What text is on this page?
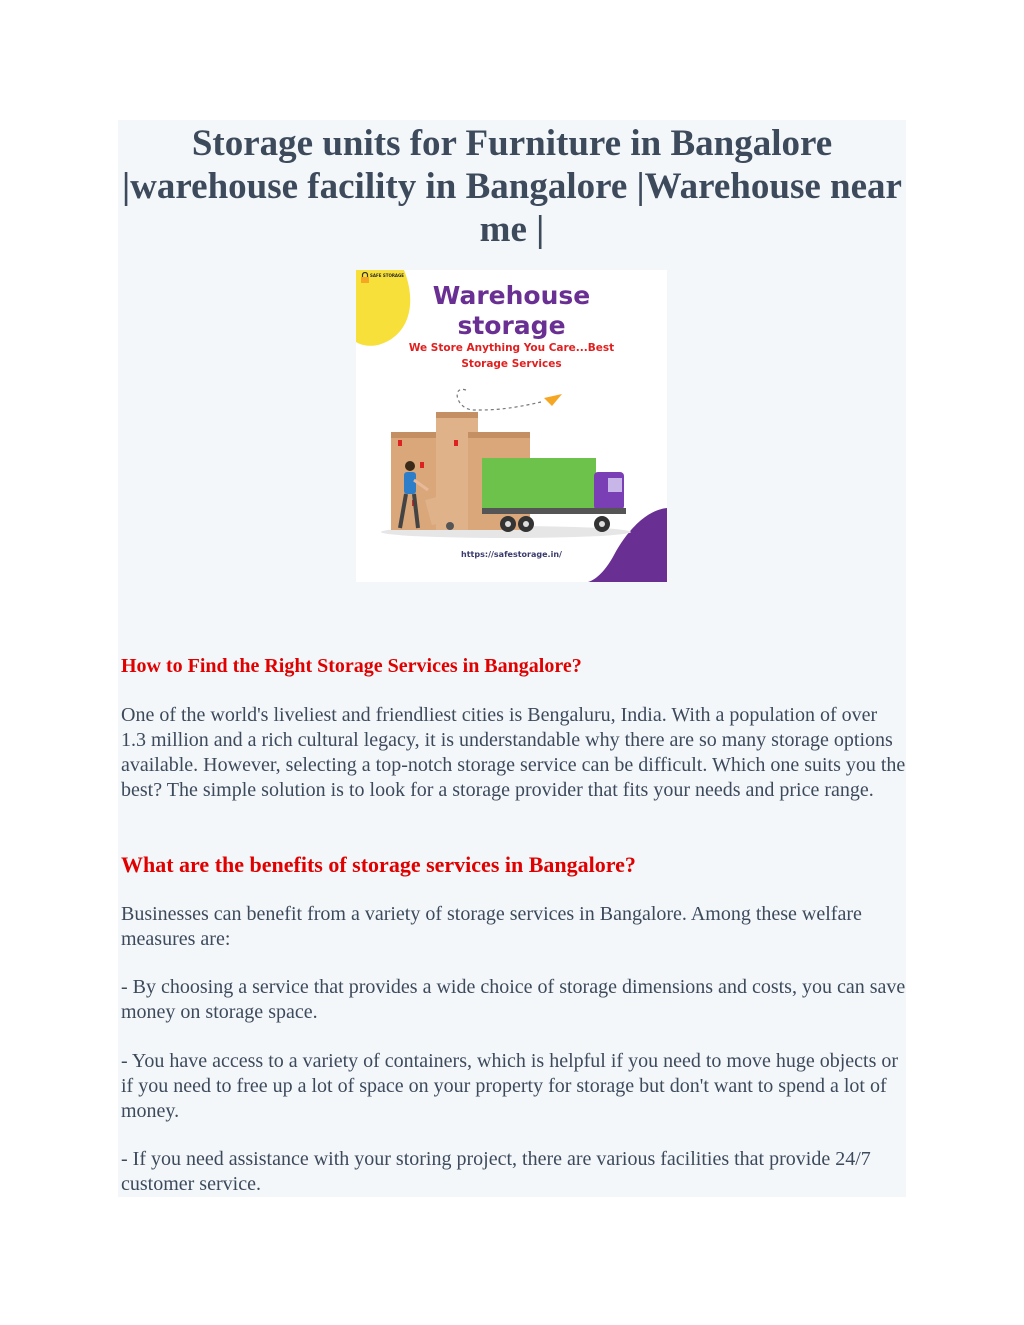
Storage units for Furniture in Bangalore |warehouse facility in Bangalore |Warehouse near me |
SAFE STORAGE
Warehouse
storage
We Store Anything You Care...Best Storage Services
https://safestorage.in/
How to Find the Right Storage Services in Bangalore?

One of the world's liveliest and friendliest cities is Bengaluru, India. With a population of over 1.3 million and a rich cultural legacy, it is understandable why there are so many storage options available. However, selecting a top-notch storage service can be difficult. Which one suits you the best? The simple solution is to look for a storage provider that fits your needs and price range.

What are the benefits of storage services in Bangalore?

Businesses can benefit from a variety of storage services in Bangalore. Among these welfare measures are:

- By choosing a service that provides a wide choice of storage dimensions and costs, you can save money on storage space.

- You have access to a variety of containers, which is helpful if you need to move huge objects or if you need to free up a lot of space on your property for storage but don't want to spend a lot of money.

- If you need assistance with your storing project, there are various facilities that provide 24/7 customer service.
